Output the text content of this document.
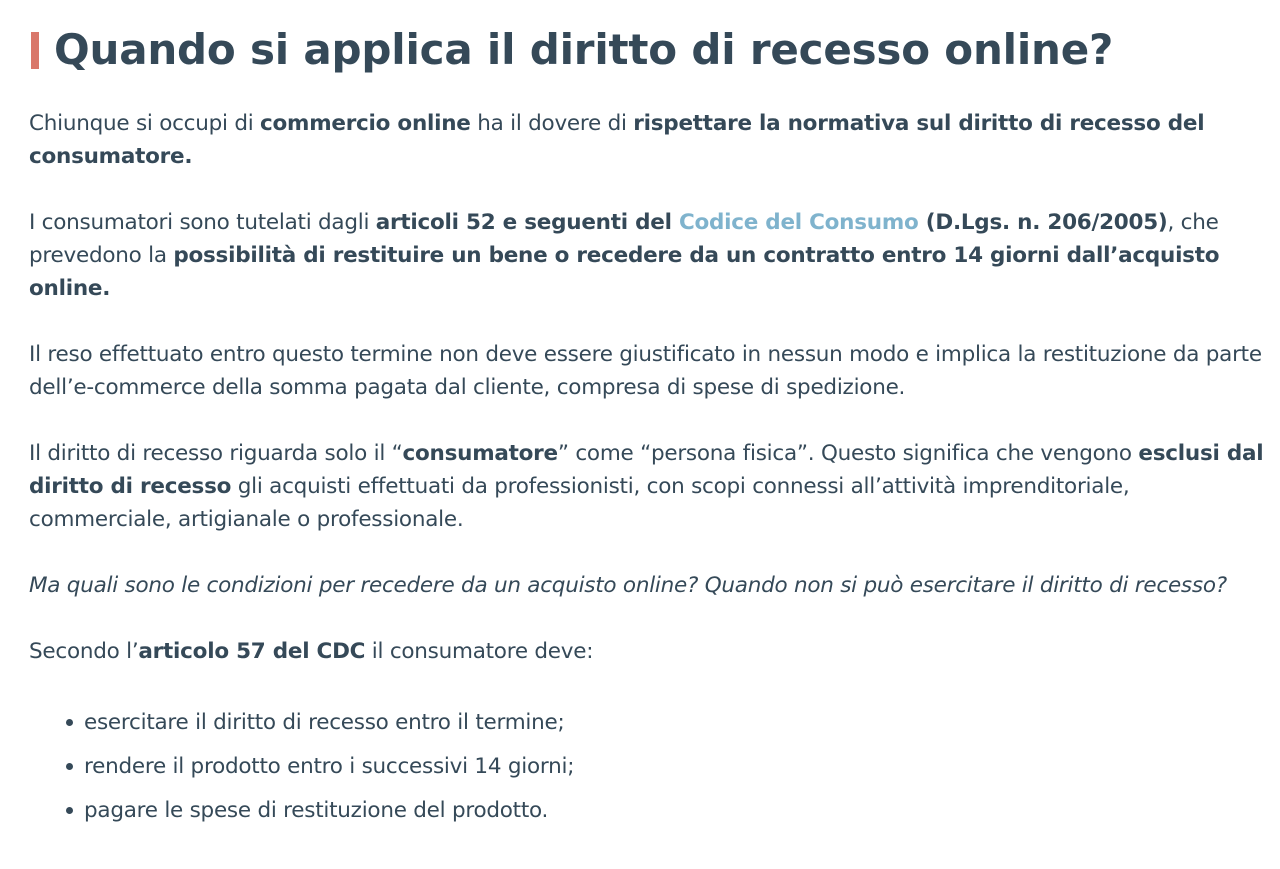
Quando si applica il diritto di recesso online?

Chiunque si occupi di commercio online ha il dovere di rispettare la normativa sul diritto di recesso del consumatore.

I consumatori sono tutelati dagli articoli 52 e seguenti del Codice del Consumo (D.Lgs. n. 206/2005), che prevedono la possibilità di restituire un bene o recedere da un contratto entro 14 giorni dall’acquisto online.

Il reso effettuato entro questo termine non deve essere giustificato in nessun modo e implica la restituzione da parte dell’e-commerce della somma pagata dal cliente, compresa di spese di spedizione.

Il diritto di recesso riguarda solo il “consumatore” come “persona fisica”. Questo significa che vengono esclusi dal diritto di recesso gli acquisti effettuati da professionisti, con scopi connessi all’attività imprenditoriale, commerciale, artigianale o professionale.

Ma quali sono le condizioni per recedere da un acquisto online? Quando non si può esercitare il diritto di recesso?

Secondo l’articolo 57 del CDC il consumatore deve:

esercitare il diritto di recesso entro il termine;
rendere il prodotto entro i successivi 14 giorni;
pagare le spese di restituzione del prodotto.
